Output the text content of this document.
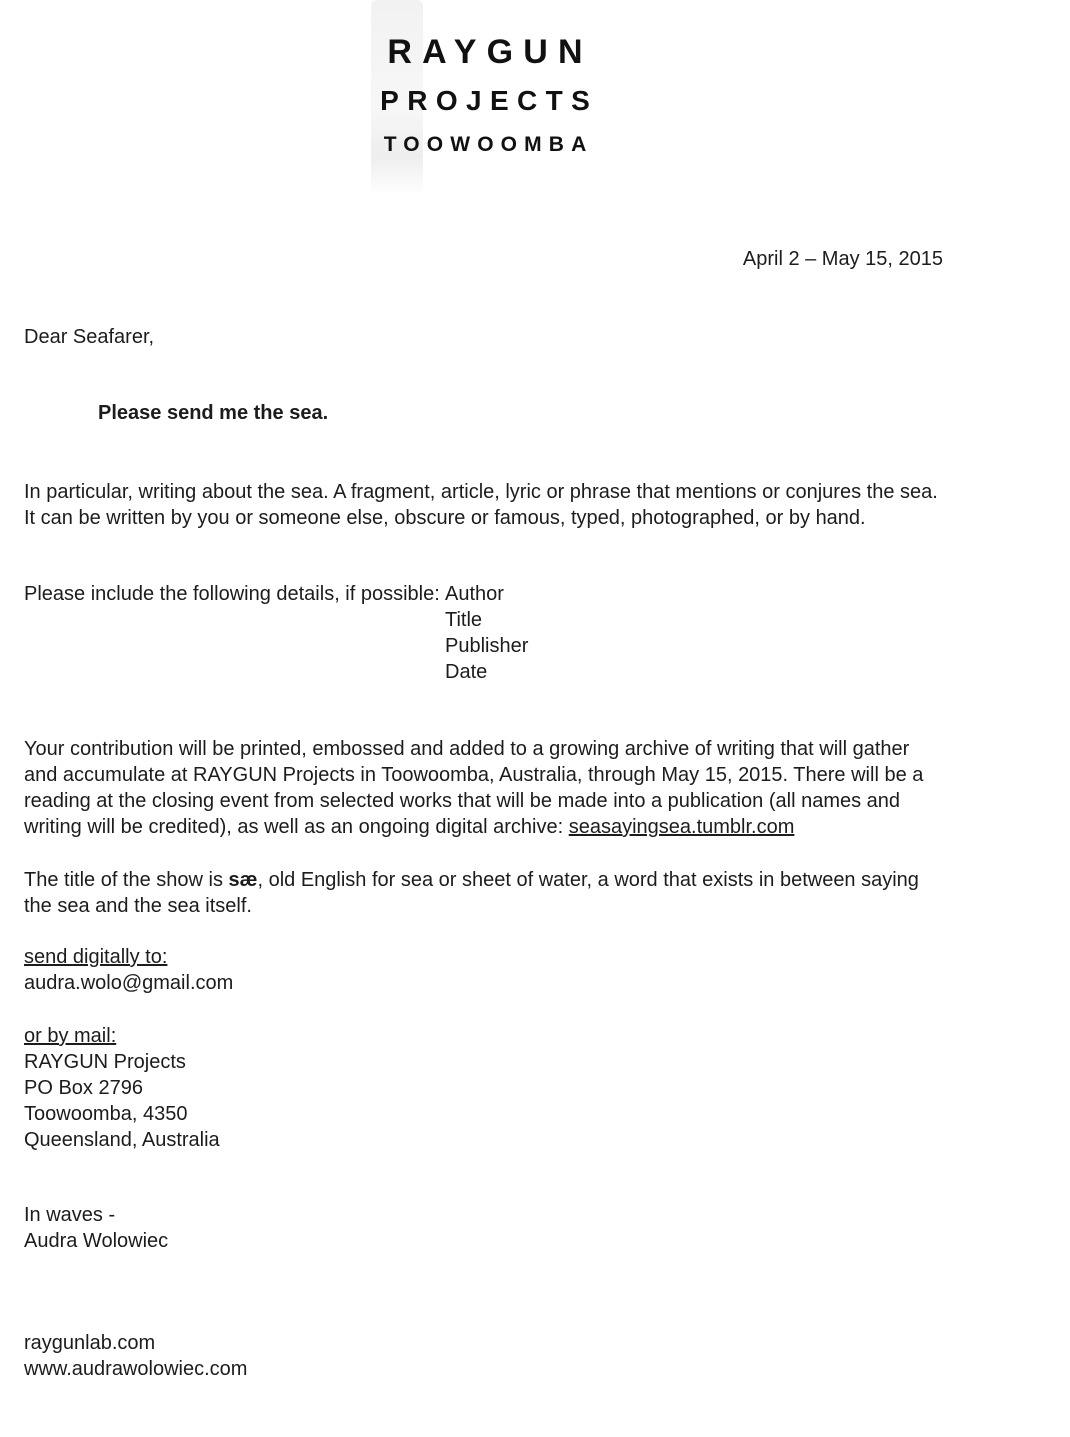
RAYGUN
PROJECTS
TOOWOOMBA
April 2 – May 15, 2015
Dear Seafarer,
Please send me the sea.
In particular, writing about the sea. A fragment, article, lyric or phrase that mentions or conjures the sea.
It can be written by you or someone else, obscure or famous, typed, photographed, or by hand.
Please include the following details, if possible: Author
Title
Publisher
Date
Your contribution will be printed, embossed and added to a growing archive of writing that will gather
and accumulate at RAYGUN Projects in Toowoomba, Australia, through May 15, 2015. There will be a
reading at the closing event from selected works that will be made into a publication (all names and
writing will be credited), as well as an ongoing digital archive: seasayingsea.tumblr.com
The title of the show is sæ, old English for sea or sheet of water, a word that exists in between saying
the sea and the sea itself.
send digitally to:
audra.wolo@gmail.com
or by mail:
RAYGUN Projects
PO Box 2796
Toowoomba, 4350
Queensland, Australia
In waves -
Audra Wolowiec
raygunlab.com
www.audrawolowiec.com
